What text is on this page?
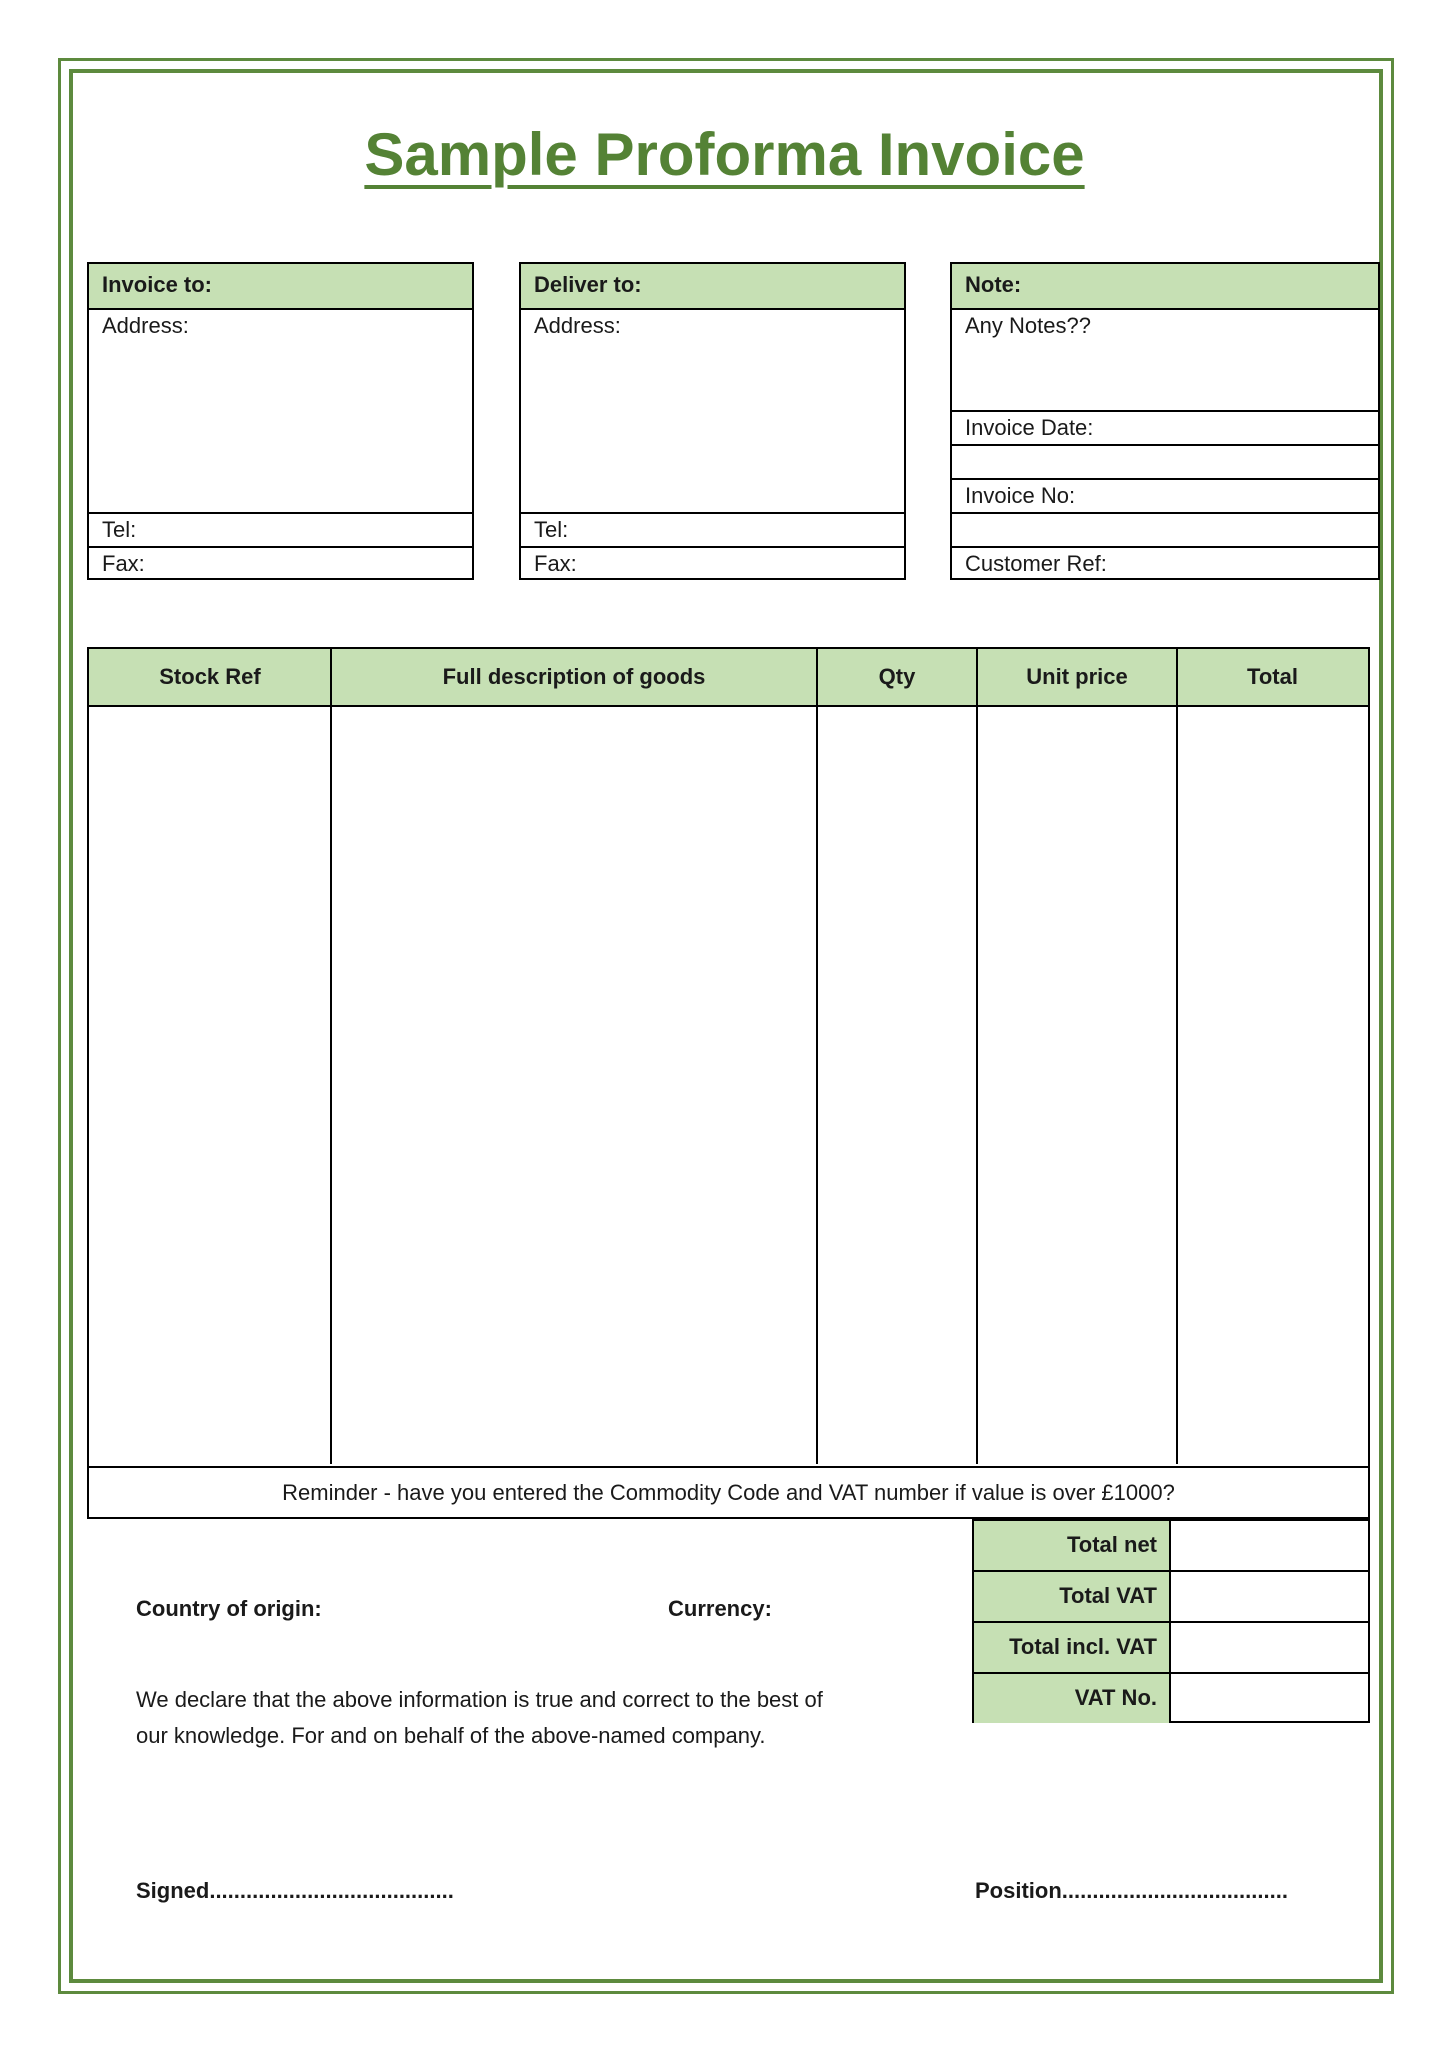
Sample Proforma Invoice
Invoice to:
Address:
Tel:
Fax:
Deliver to:
Address:
Tel:
Fax:
Note:
Any Notes??
Invoice Date:
Invoice No:
Customer Ref:
Stock Ref	Full description of goods	Qty	Unit price	Total
Reminder - have you entered the Commodity Code and VAT number if value is over £1000?
Total net
Total VAT
Total incl. VAT
VAT No.
Country of origin:	Currency:
We declare that the above information is true and correct to the best of our knowledge. For and on behalf of the above-named company.
Signed........................................	Position.....................................
